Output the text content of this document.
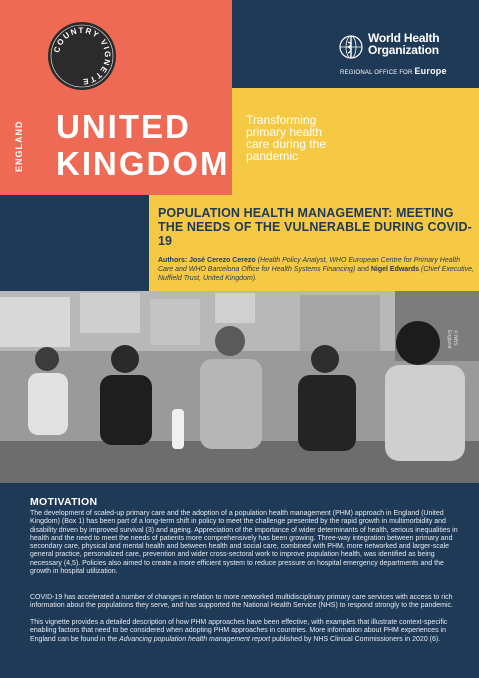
COUNTRY VIGNETTE
World Health
Organization
REGIONAL OFFICE FOR Europe
ENGLAND UNITED
KINGDOM
Transforming primary health care during the pandemic
POPULATION HEALTH MANAGEMENT: MEETING THE NEEDS OF THE VULNERABLE DURING COVID-19
Authors: José Cerezo Cerezo (Health Policy Analyst, WHO European Centre for Primary Health Care and WHO Barcelona Office for Health Systems Financing) and Nigel Edwards (Chief Executive, Nuffield Trust, United Kingdom).
© NHS England
MOTIVATION
The development of scaled-up primary care and the adoption of a population health management (PHM) approach in England (United Kingdom) (Box 1) has been part of a long-term shift in policy to meet the challenge presented by the rapid growth in multimorbidity and disability driven by improved survival (3) and ageing. Appreciation of the importance of wider determinants of health, serious inequalities in health and the need to meet the needs of patients more comprehensively has been growing. Three-way integration between primary and secondary care, physical and mental health and between health and social care, combined with PHM, more networked and larger-scale general practice, personalized care, prevention and wider cross-sectoral work to improve population health, was identified as being necessary (4,5). Policies also aimed to create a more efficient system to reduce pressure on hospital emergency departments and the growth in hospital utilization.
COVID-19 has accelerated a number of changes in relation to more networked multidisciplinary primary care services with access to rich information about the populations they serve, and has supported the National Health Service (NHS) to respond strongly to the pandemic.
This vignette provides a detailed description of how PHM approaches have been effective, with examples that illustrate context-specific enabling factors that need to be considered when adopting PHM approaches in countries. More information about PHM experiences in England can be found in the Advancing population health management report published by NHS Clinical Commissioners in 2020 (6).
